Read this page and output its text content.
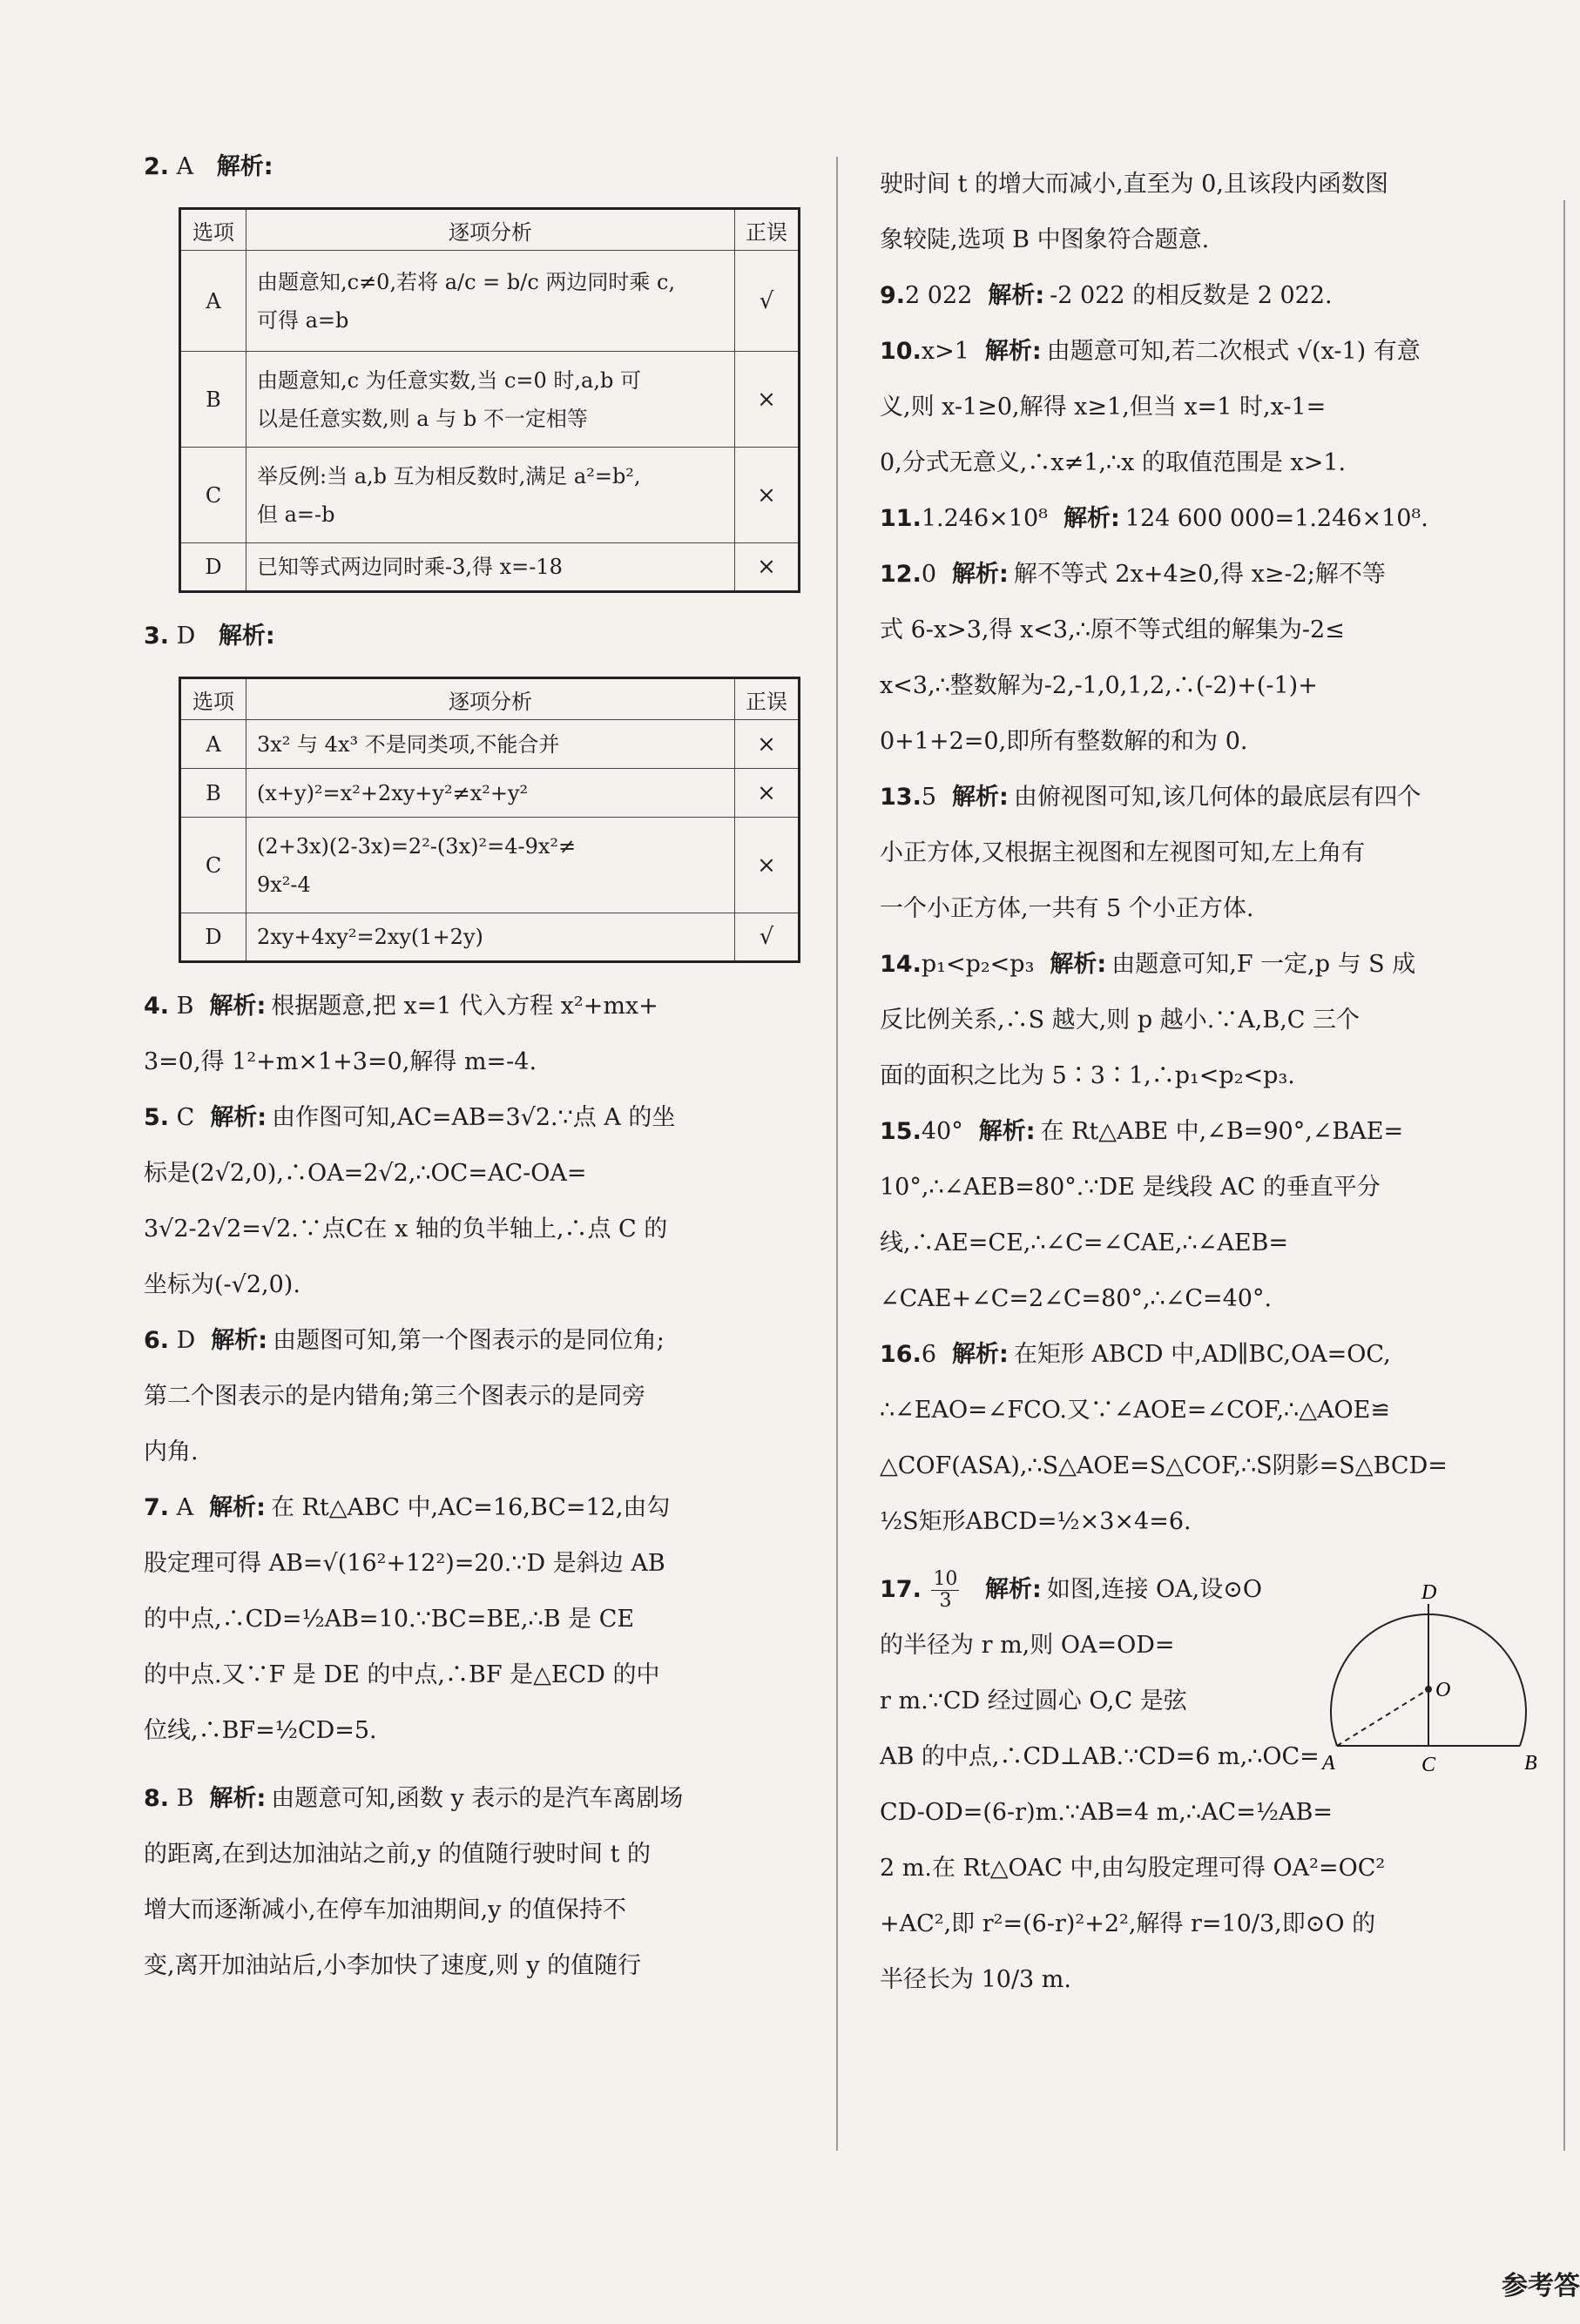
2. A 解析:
选项	逐项分析	正误
A	由题意知,c≠0,若将 a/c = b/c 两边同时乘 c,
可得 a=b	√
B	由题意知,c 为任意实数,当 c=0 时,a,b 可
以是任意实数,则 a 与 b 不一定相等	×
C	举反例:当 a,b 互为相反数时,满足 a²=b²,
但 a=-b	×
D	已知等式两边同时乘-3,得 x=-18	×
3. D 解析:
选项	逐项分析	正误
A	3x² 与 4x³ 不是同类项,不能合并	×
B	(x+y)²=x²+2xy+y²≠x²+y²	×
C	(2+3x)(2-3x)=2²-(3x)²=4-9x²≠
9x²-4	×
D	2xy+4xy²=2xy(1+2y)	√

4. B 解析: 根据题意,把 x=1 代入方程 x²+mx+

3=0,得 1²+m×1+3=0,解得 m=-4.

5. C 解析: 由作图可知,AC=AB=3√2.∵点 A 的坐

标是(2√2,0),∴OA=2√2,∴OC=AC-OA=

3√2-2√2=√2.∵点C在 x 轴的负半轴上,∴点 C 的

坐标为(-√2,0).

6. D 解析: 由题图可知,第一个图表示的是同位角;

第二个图表示的是内错角;第三个图表示的是同旁

内角.

7. A 解析: 在 Rt△ABC 中,AC=16,BC=12,由勾

股定理可得 AB=√(16²+12²)=20.∵D 是斜边 AB

的中点,∴CD=½AB=10.∵BC=BE,∴B 是 CE

的中点.又∵F 是 DE 的中点,∴BF 是△ECD 的中

位线,∴BF=½CD=5.

8. B 解析: 由题意可知,函数 y 表示的是汽车离剧场

的距离,在到达加油站之前,y 的值随行驶时间 t 的

增大而逐渐减小,在停车加油期间,y 的值保持不

变,离开加油站后,小李加快了速度,则 y 的值随行

驶时间 t 的增大而减小,直至为 0,且该段内函数图

象较陡,选项 B 中图象符合题意.

9.2 022 解析: -2 022 的相反数是 2 022.

10.x>1 解析: 由题意可知,若二次根式 √(x-1) 有意

义,则 x-1≥0,解得 x≥1,但当 x=1 时,x-1=

0,分式无意义,∴x≠1,∴x 的取值范围是 x>1.

11.1.246×10⁸ 解析: 124 600 000=1.246×10⁸.

12.0 解析: 解不等式 2x+4≥0,得 x≥-2;解不等

式 6-x>3,得 x<3,∴原不等式组的解集为-2≤

x<3,∴整数解为-2,-1,0,1,2,∴(-2)+(-1)+

0+1+2=0,即所有整数解的和为 0.

13.5 解析: 由俯视图可知,该几何体的最底层有四个

小正方体,又根据主视图和左视图可知,左上角有

一个小正方体,一共有 5 个小正方体.

14.p₁<p₂<p₃ 解析: 由题意可知,F 一定,p 与 S 成

反比例关系,∴S 越大,则 p 越小.∵A,B,C 三个

面的面积之比为 5∶3∶1,∴p₁<p₂<p₃.

15.40° 解析: 在 Rt△ABE 中,∠B=90°,∠BAE=

10°,∴∠AEB=80°.∵DE 是线段 AC 的垂直平分

线,∴AE=CE,∴∠C=∠CAE,∴∠AEB=

∠CAE+∠C=2∠C=80°,∴∠C=40°.

16.6 解析: 在矩形 ABCD 中,AD∥BC,OA=OC,

∴∠EAO=∠FCO.又∵∠AOE=∠COF,∴△AOE≌

△COF(ASA),∴S△AOE=S△COF,∴S阴影=S△BCD=

½S矩形ABCD=½×3×4=6.

17. $\frac{10}{3}$ 解析: 如图,连接 OA,设⊙O

的半径为 r m,则 OA=OD=

r m.∵CD 经过圆心 O,C 是弦

AB 的中点,∴CD⊥AB.∵CD=6 m,∴OC=

CD-OD=(6-r)m.∵AB=4 m,∴AC=½AB=

2 m.在 Rt△OAC 中,由勾股定理可得 OA²=OC²

+AC²,即 r²=(6-r)²+2²,解得 r=10/3,即⊙O 的

半径长为 10/3 m.

D
O
A	C	B
参考答
